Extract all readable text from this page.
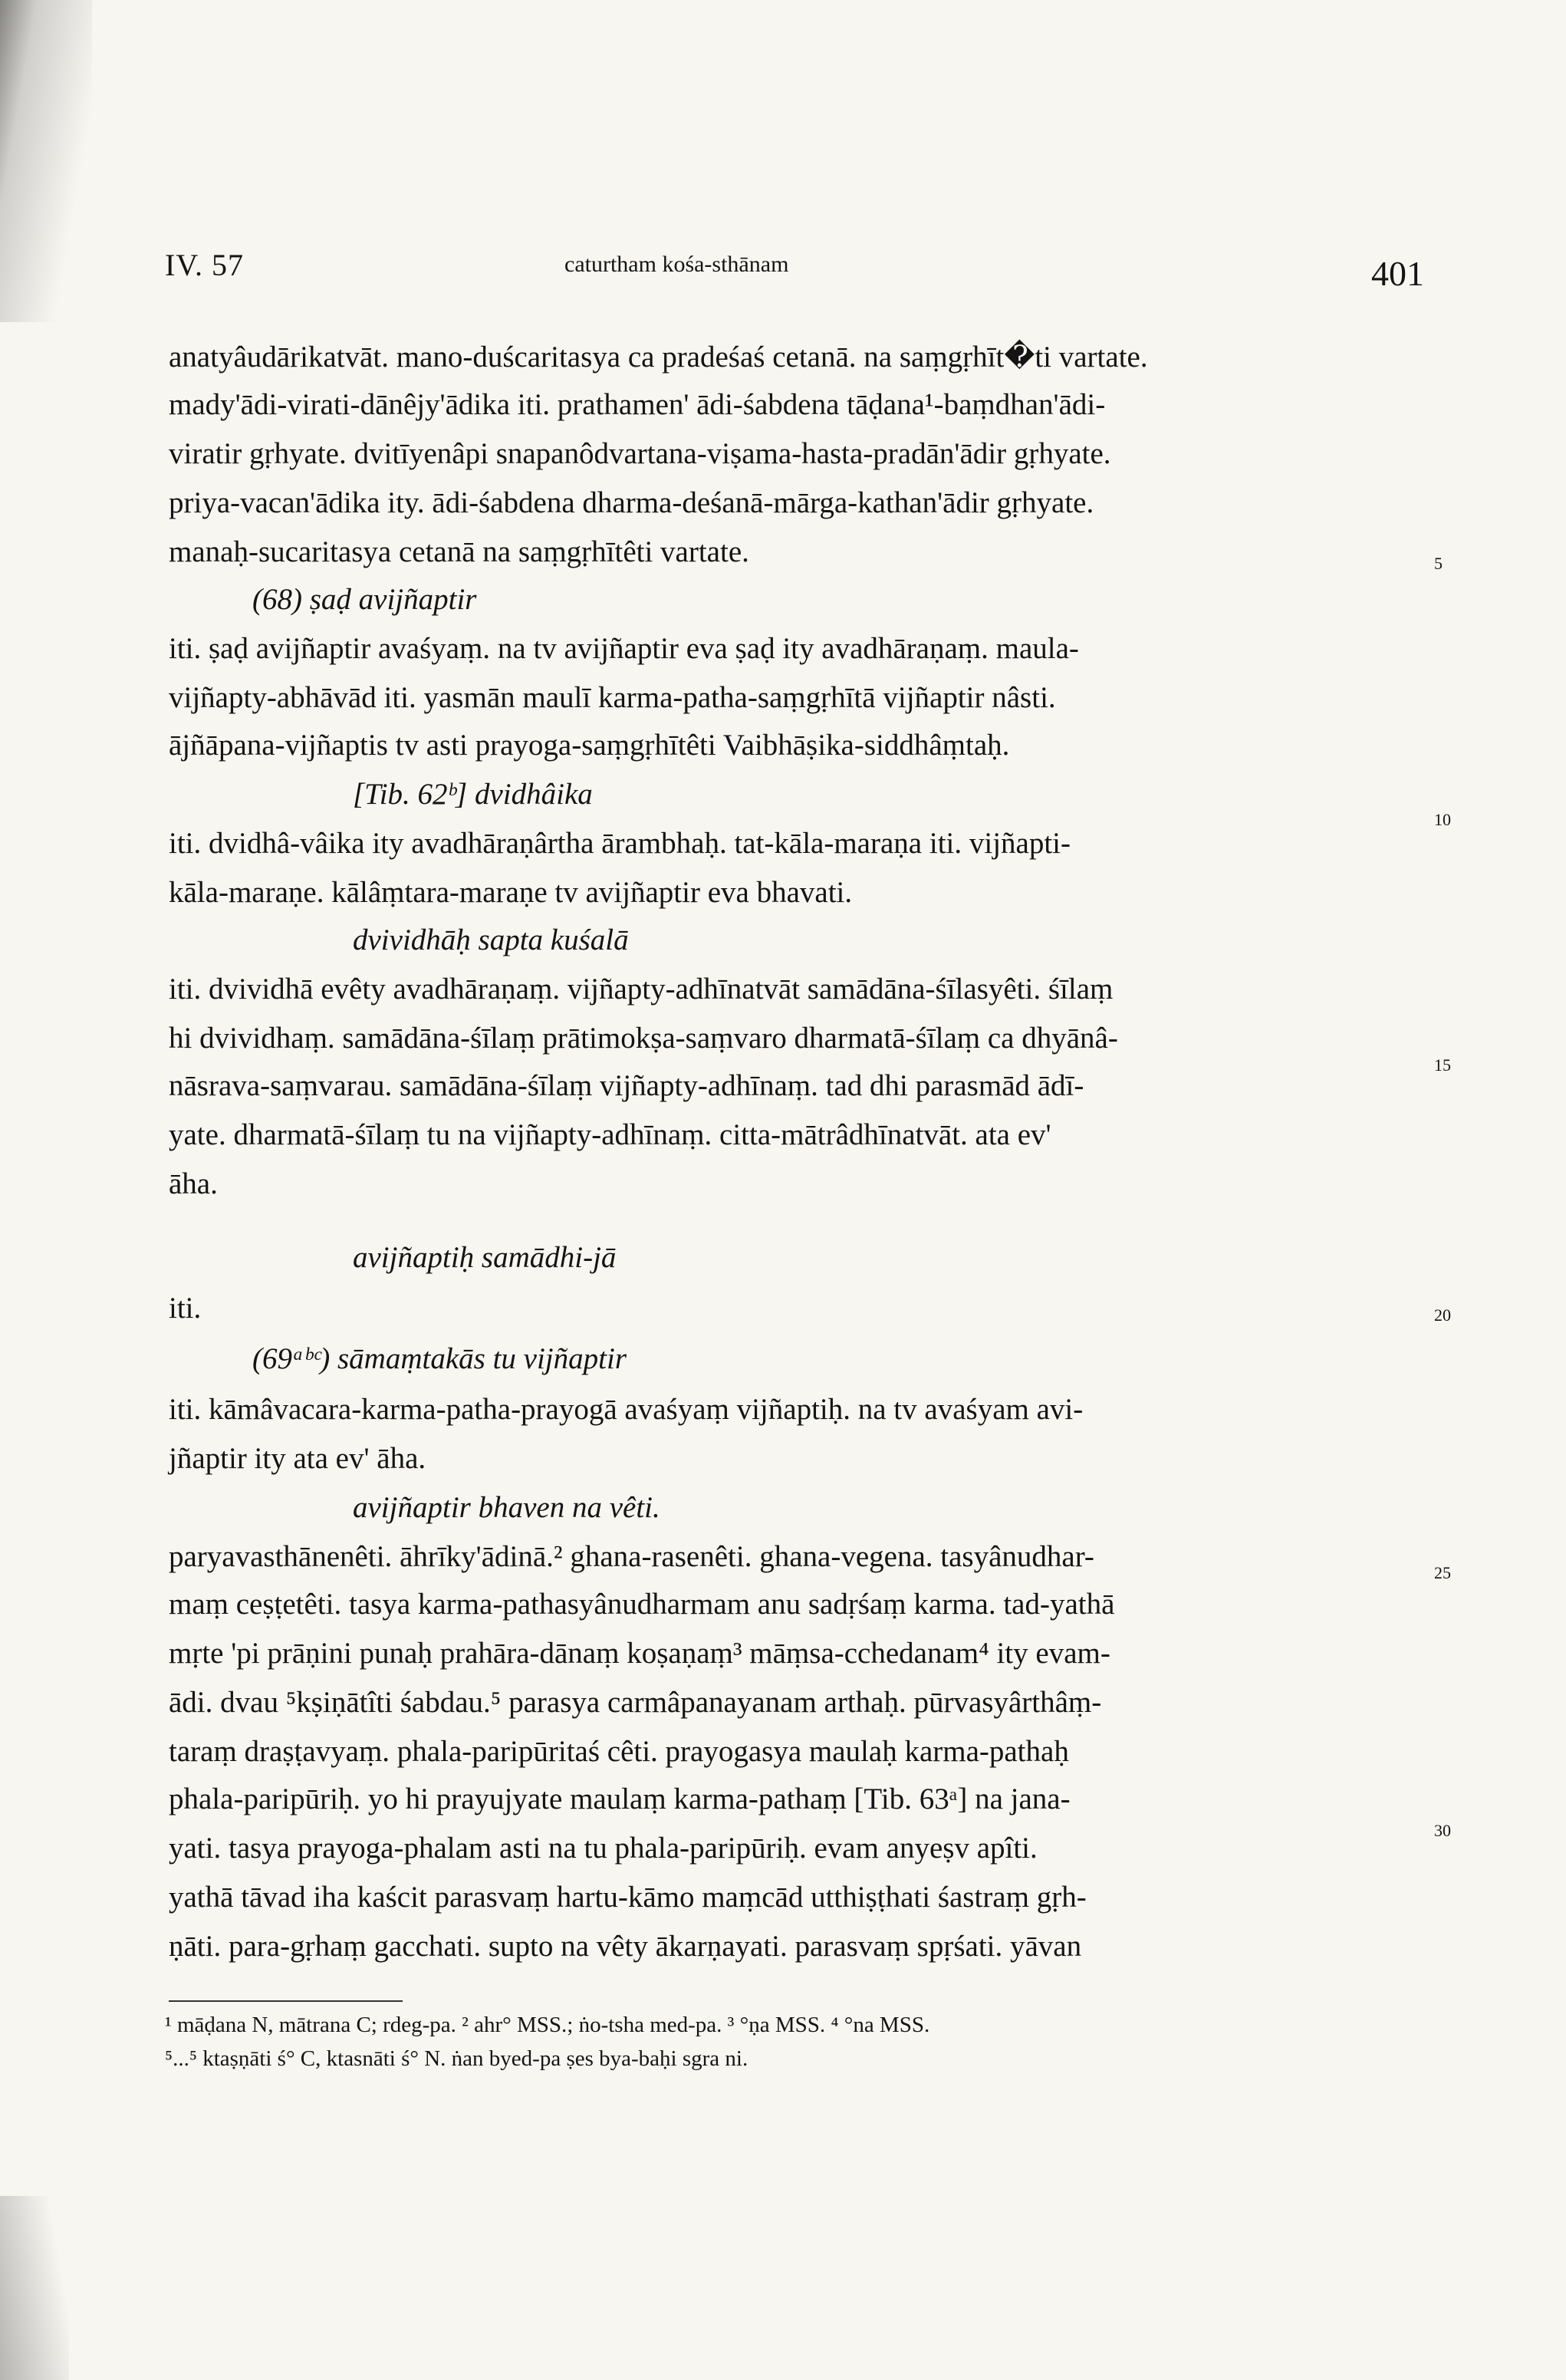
IV. 57	caturtham kośa-sthānam	401
anatyâudārikatvāt. mano-duścaritasya ca pradeśaś cetanā. na saṃgṛhīt�ti vartate.
mady'ādi-virati-dānêjy'ādika iti. prathamen' ādi-śabdena tāḍana¹-baṃdhan'ādi-
viratir gṛhyate. dvitīyenâpi snapanôdvartana-viṣama-hasta-pradān'ādir gṛhyate.
priya-vacan'ādika ity. ādi-śabdena dharma-deśanā-mārga-kathan'ādir gṛhyate.
manaḥ-sucaritasya cetanā na saṃgṛhītêti vartate.
(68) ṣaḍ avijñaptir
iti. ṣaḍ avijñaptir avaśyaṃ. na tv avijñaptir eva ṣaḍ ity avadhāraṇaṃ. maula-
vijñapty-abhāvād iti. yasmān maulī karma-patha-saṃgṛhītā vijñaptir nâsti.
ājñāpana-vijñaptis tv asti prayoga-saṃgṛhītêti Vaibhāṣika-siddhâṃtaḥ.
[Tib. 62ᵇ] dvidhâika
iti. dvidhâ-vâika ity avadhāraṇârtha ārambhaḥ. tat-kāla-maraṇa iti. vijñapti-
kāla-maraṇe. kālâṃtara-maraṇe tv avijñaptir eva bhavati.
dvividhāḥ sapta kuśalā
iti. dvividhā evêty avadhāraṇaṃ. vijñapty-adhīnatvāt samādāna-śīlasyêti. śīlaṃ
hi dvividhaṃ. samādāna-śīlaṃ prātimokṣa-saṃvaro dharmatā-śīlaṃ ca dhyānâ-
nāsrava-saṃvarau. samādāna-śīlaṃ vijñapty-adhīnaṃ. tad dhi parasmād ādī-
yate. dharmatā-śīlaṃ tu na vijñapty-adhīnaṃ. citta-mātrâdhīnatvāt. ata ev'
āha.
avijñaptiḥ samādhi-jā
iti.
(69ᵃᵇᶜ) sāmaṃtakās tu vijñaptir
iti. kāmâvacara-karma-patha-prayogā avaśyaṃ vijñaptiḥ. na tv avaśyam avi-
jñaptir ity ata ev' āha.
avijñaptir bhaven na vêti.
paryavasthānenêti. āhrīky'ādinā.² ghana-rasenêti. ghana-vegena. tasyânudhar-
maṃ ceṣṭetêti. tasya karma-pathasyânudharmam anu sadṛśaṃ karma. tad-yathā
mṛte 'pi prāṇini punaḥ prahāra-dānaṃ koṣaṇaṃ³ māṃsa-cchedanam⁴ ity evam-
ādi. dvau ⁵kṣiṇātîti śabdau.⁵ parasya carmâpanayanam arthaḥ. pūrvasyârthâṃ-
taraṃ draṣṭavyaṃ. phala-paripūritaś cêti. prayogasya maulaḥ karma-pathaḥ
phala-paripūriḥ. yo hi prayujyate maulaṃ karma-pathaṃ [Tib. 63ᵃ] na jana-
yati. tasya prayoga-phalam asti na tu phala-paripūriḥ. evam anyeṣv apîti.
yathā tāvad iha kaścit parasvaṃ hartu-kāmo maṃcād utthiṣṭhati śastraṃ gṛh-
ṇāti. para-gṛhaṃ gacchati. supto na vêty ākarṇayati. parasvaṃ spṛśati. yāvan
5
10
15
20
25
30
¹ māḍana N, mātrana C; rdeg-pa. ² ahr° MSS.; ṅo-tsha med-pa. ³ °ṇa MSS. ⁴ °na MSS.
⁵...⁵ ktaṣṇāti ś° C, ktasnāti ś° N. ṅan byed-pa ṣes bya-baḥi sgra ni.
